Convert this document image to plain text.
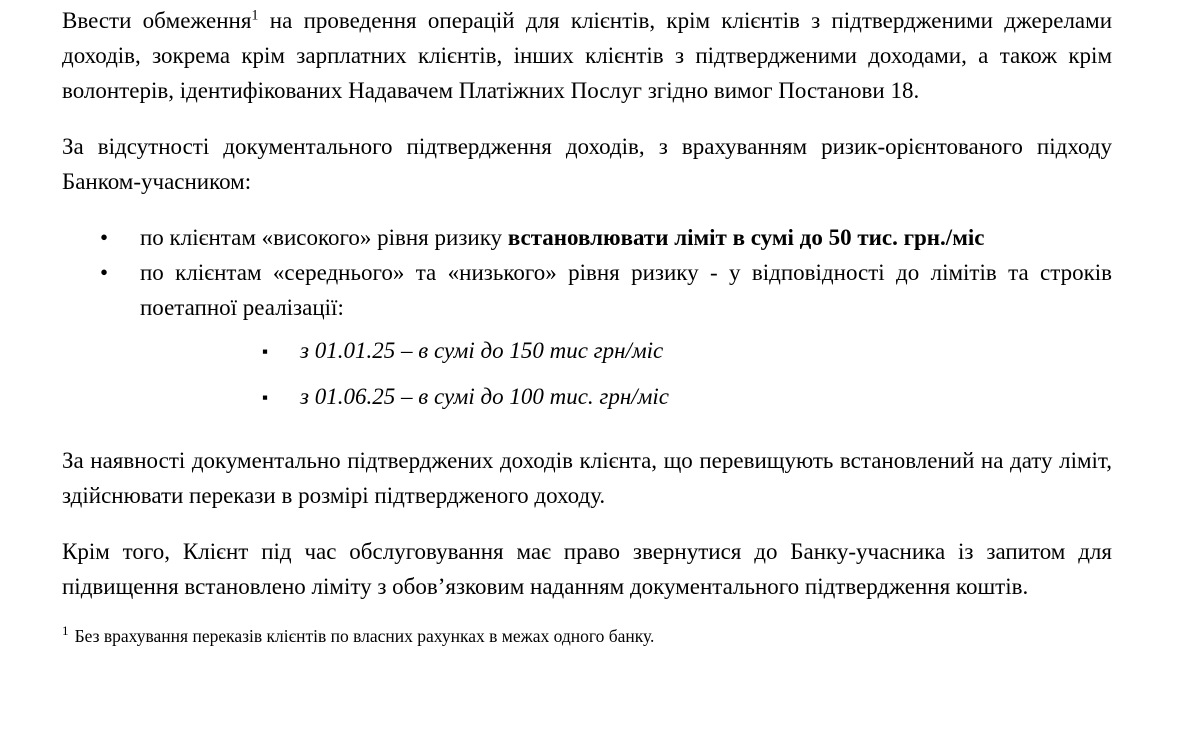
Ввести обмеження$^1$ на проведення операцій для клієнтів, крім клієнтів з підтвердженими джерелами доходів, зокрема крім зарплатних клієнтів, інших клієнтів з підтвердженими доходами, а також крім волонтерів, ідентифікованих Надавачем Платіжних Послуг згідно вимог Постанови 18.

За відсутності документального підтвердження доходів, з врахуванням ризик-орієнтованого підходу Банком-учасником:

•	по клієнтам «високого» рівня ризику встановлювати ліміт в сумі до 50 тис. грн./міс
•	по клієнтам «середнього» та «низького» рівня ризику - у відповідності до лімітів та строків поетапної реалізації:
▪	з 01.01.25 – в сумі до 150 тис грн/міс
▪	з 01.06.25 – в сумі до 100 тис. грн/міс

За наявності документально підтверджених доходів клієнта, що перевищують встановлений на дату ліміт, здійснювати перекази в розмірі підтвердженого доходу.

Крім того, Клієнт під час обслуговування має право звернутися до Банку-учасника із запитом для підвищення встановлено ліміту з обов’язковим наданням документального підтвердження коштів.

$^1$ Без врахування переказів клієнтів по власних рахунках в межах одного банку.
